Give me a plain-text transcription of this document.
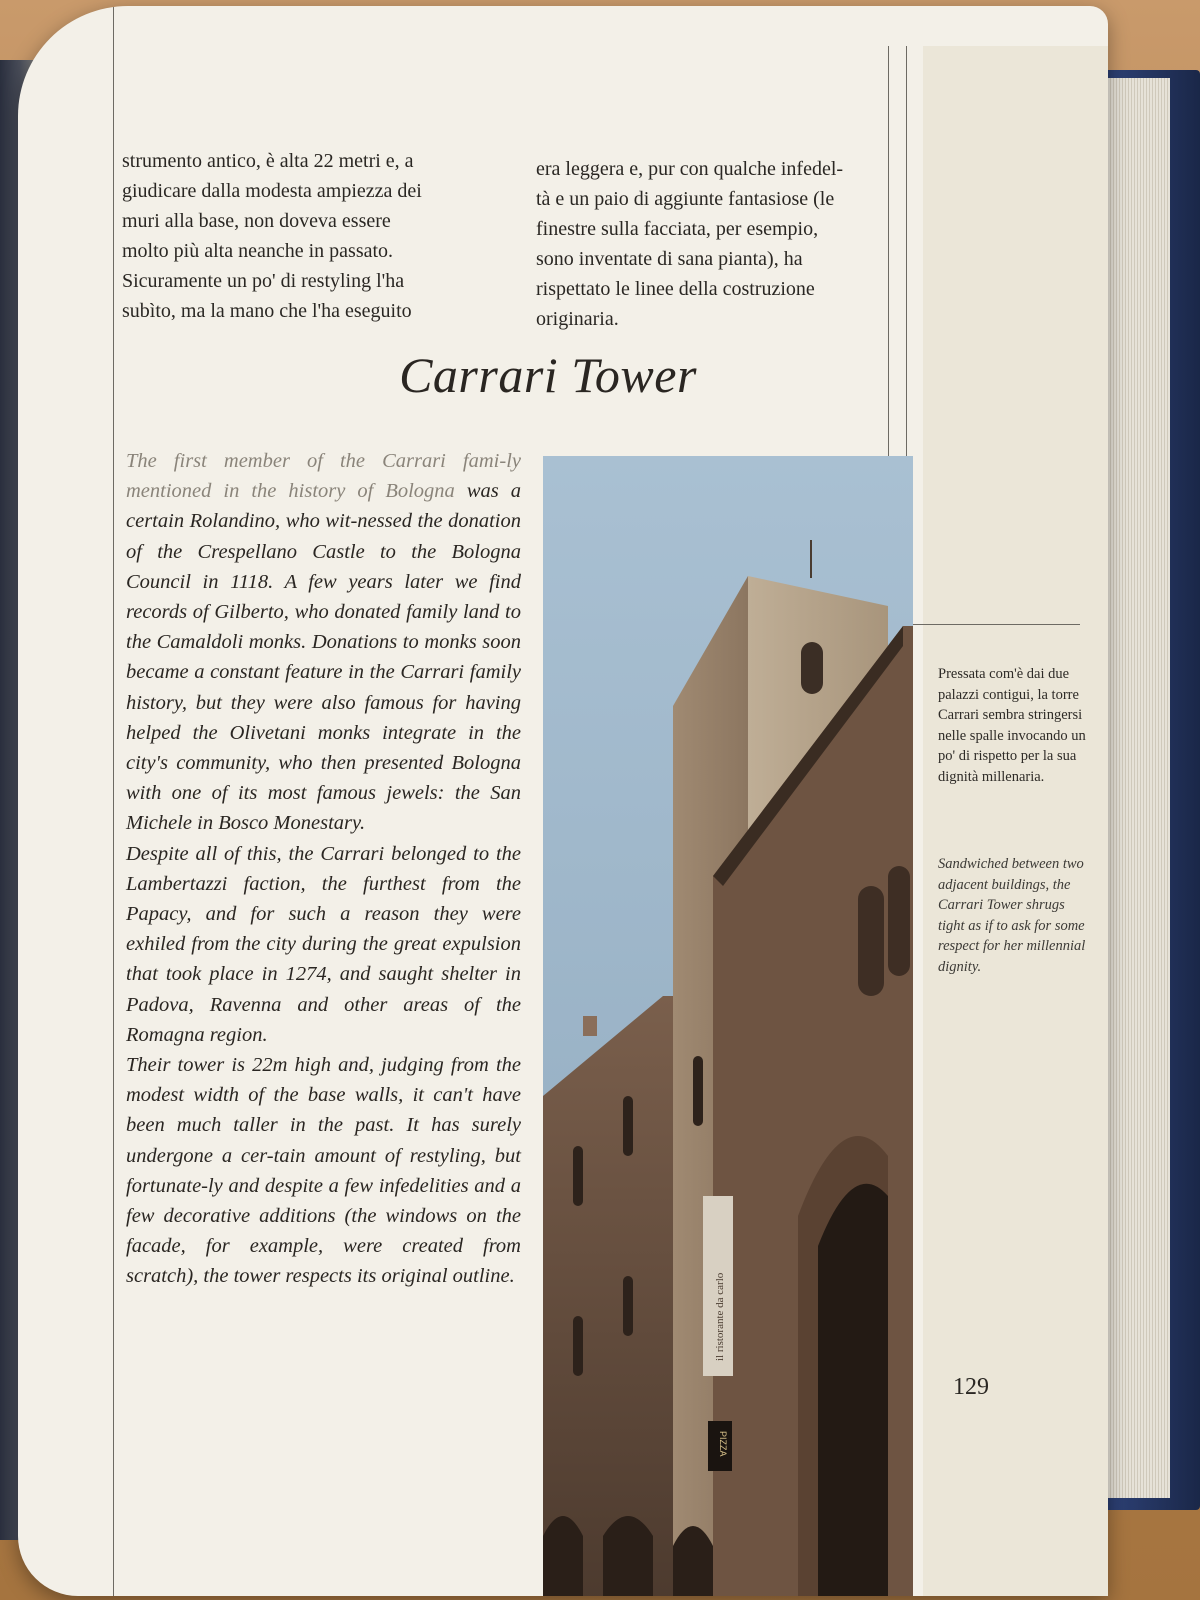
strumento antico, è alta 22 metri e, a

giudicare dalla modesta ampiezza dei

muri alla base, non doveva essere

molto più alta neanche in passato.

Sicuramente un po' di restyling l'ha

subìto, ma la mano che l'ha eseguito

era leggera e, pur con qualche infedel-

tà e un paio di aggiunte fantasiose (le

finestre sulla facciata, per esempio,

sono inventate di sana pianta), ha

rispettato le linee della costruzione

originaria.

Carrari Tower

The first member of the Carrari fami-ly mentioned in the history of Bologna was a certain Rolandino, who wit-nessed the donation of the Crespellano Castle to the Bologna Council in 1118. A few years later we find records of Gilberto, who donated family land to the Camaldoli monks. Donations to monks soon became a constant feature in the Carrari family history, but they were also famous for having helped the Olivetani monks integrate in the city's community, who then presented Bologna with one of its most famous jewels: the San Michele in Bosco Monestary.

Despite all of this, the Carrari belonged to the Lambertazzi faction, the furthest from the Papacy, and for such a reason they were exhiled from the city during the great expulsion that took place in 1274, and saught shelter in Padova, Ravenna and other areas of the Romagna region.

Their tower is 22m high and, judging from the modest width of the base walls, it can't have been much taller in the past. It has surely undergone a cer-tain amount of restyling, but fortunate-ly and despite a few infedelities and a few decorative additions (the windows on the facade, for example, were created from scratch), the tower respects its original outline.	il ristorante da carlo
PIZZA
Pressata com'è dai due palazzi contigui, la torre Carrari sembra stringersi nelle spalle invocando un po' di rispetto per la sua dignità millenaria.
Sandwiched between two adjacent buildings, the Carrari Tower shrugs tight as if to ask for some respect for her millennial dignity.
129
